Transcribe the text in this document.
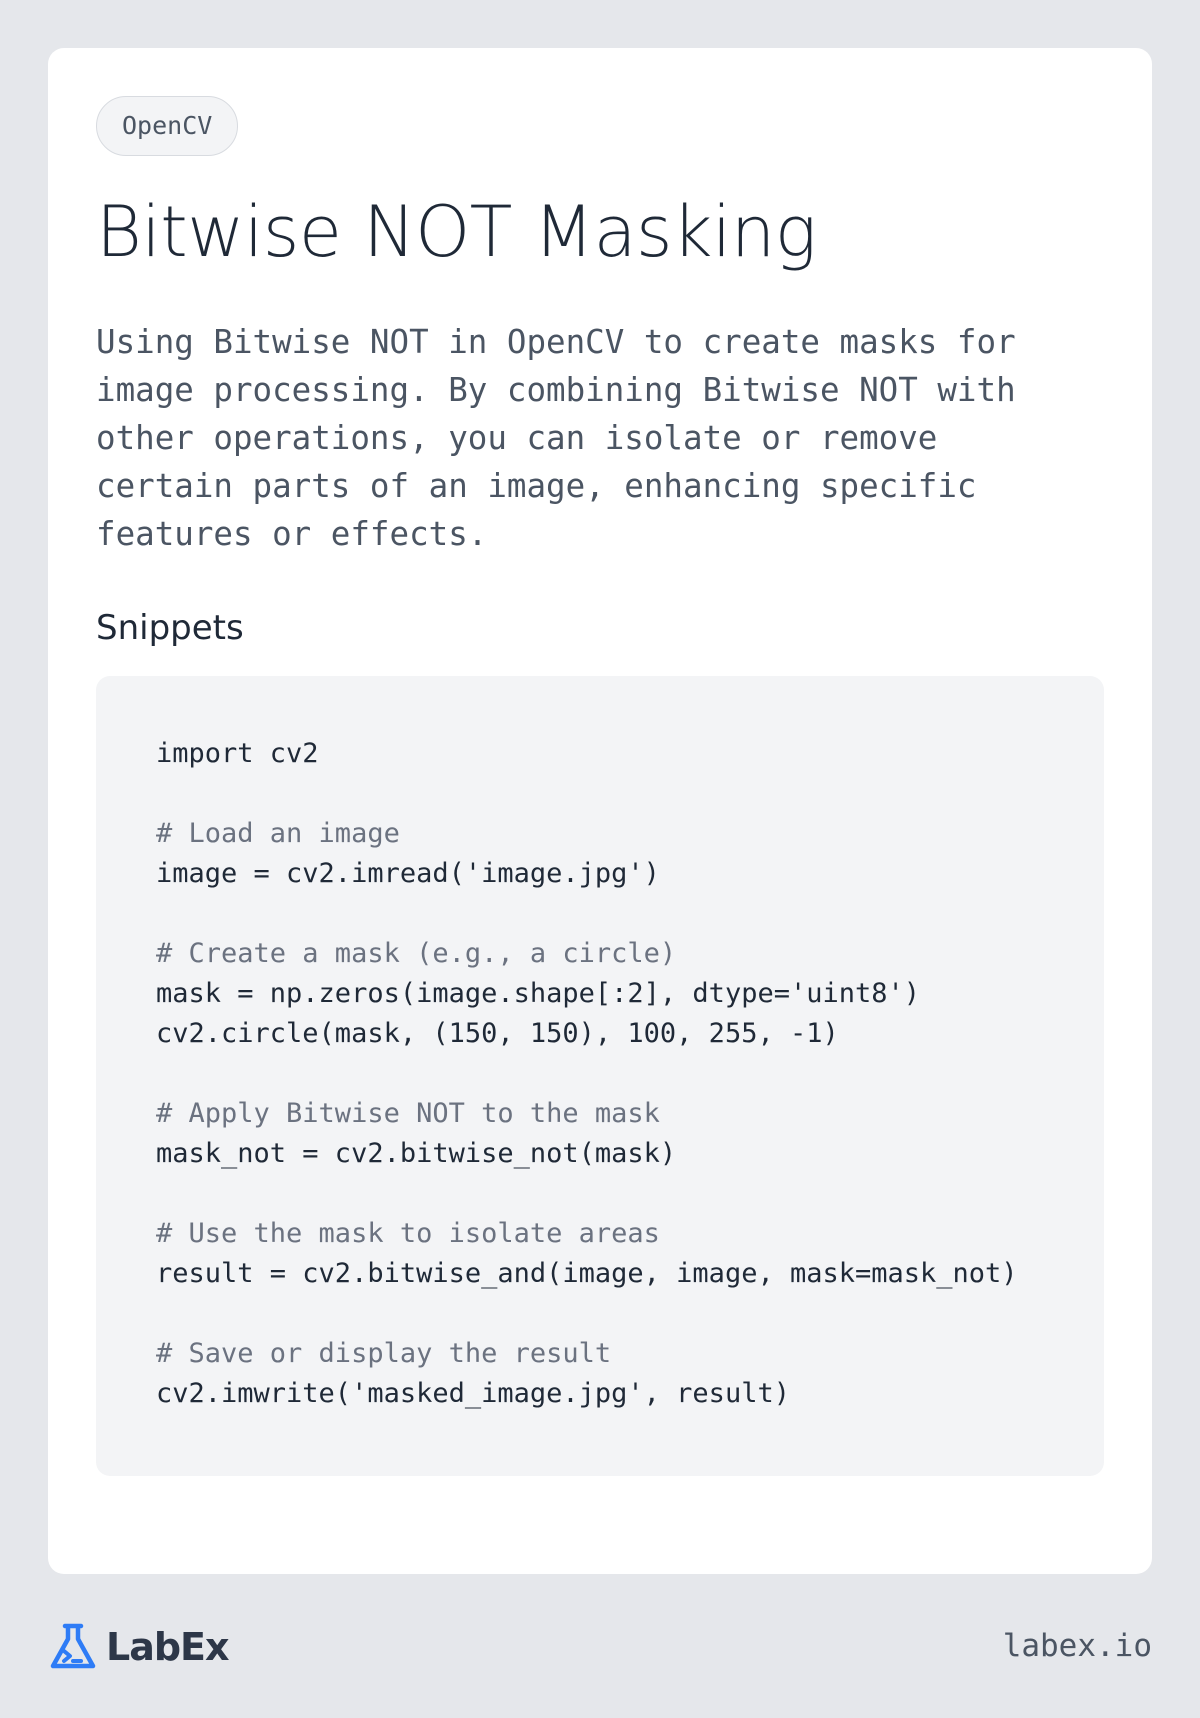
OpenCV
Bitwise NOT Masking
Using Bitwise NOT in OpenCV to create masks for image processing. By combining Bitwise NOT with other operations, you can isolate or remove certain parts of an image, enhancing specific features or effects.
Snippets
import cv2
# Load an image
image = cv2.imread('image.jpg')
# Create a mask (e.g., a circle)
mask = np.zeros(image.shape[:2], dtype='uint8')
cv2.circle(mask, (150, 150), 100, 255, -1)
# Apply Bitwise NOT to the mask
mask_not = cv2.bitwise_not(mask)
# Use the mask to isolate areas
result = cv2.bitwise_and(image, image, mask=mask_not)
# Save or display the result
cv2.imwrite('masked_image.jpg', result)
LabEx	labex.io
